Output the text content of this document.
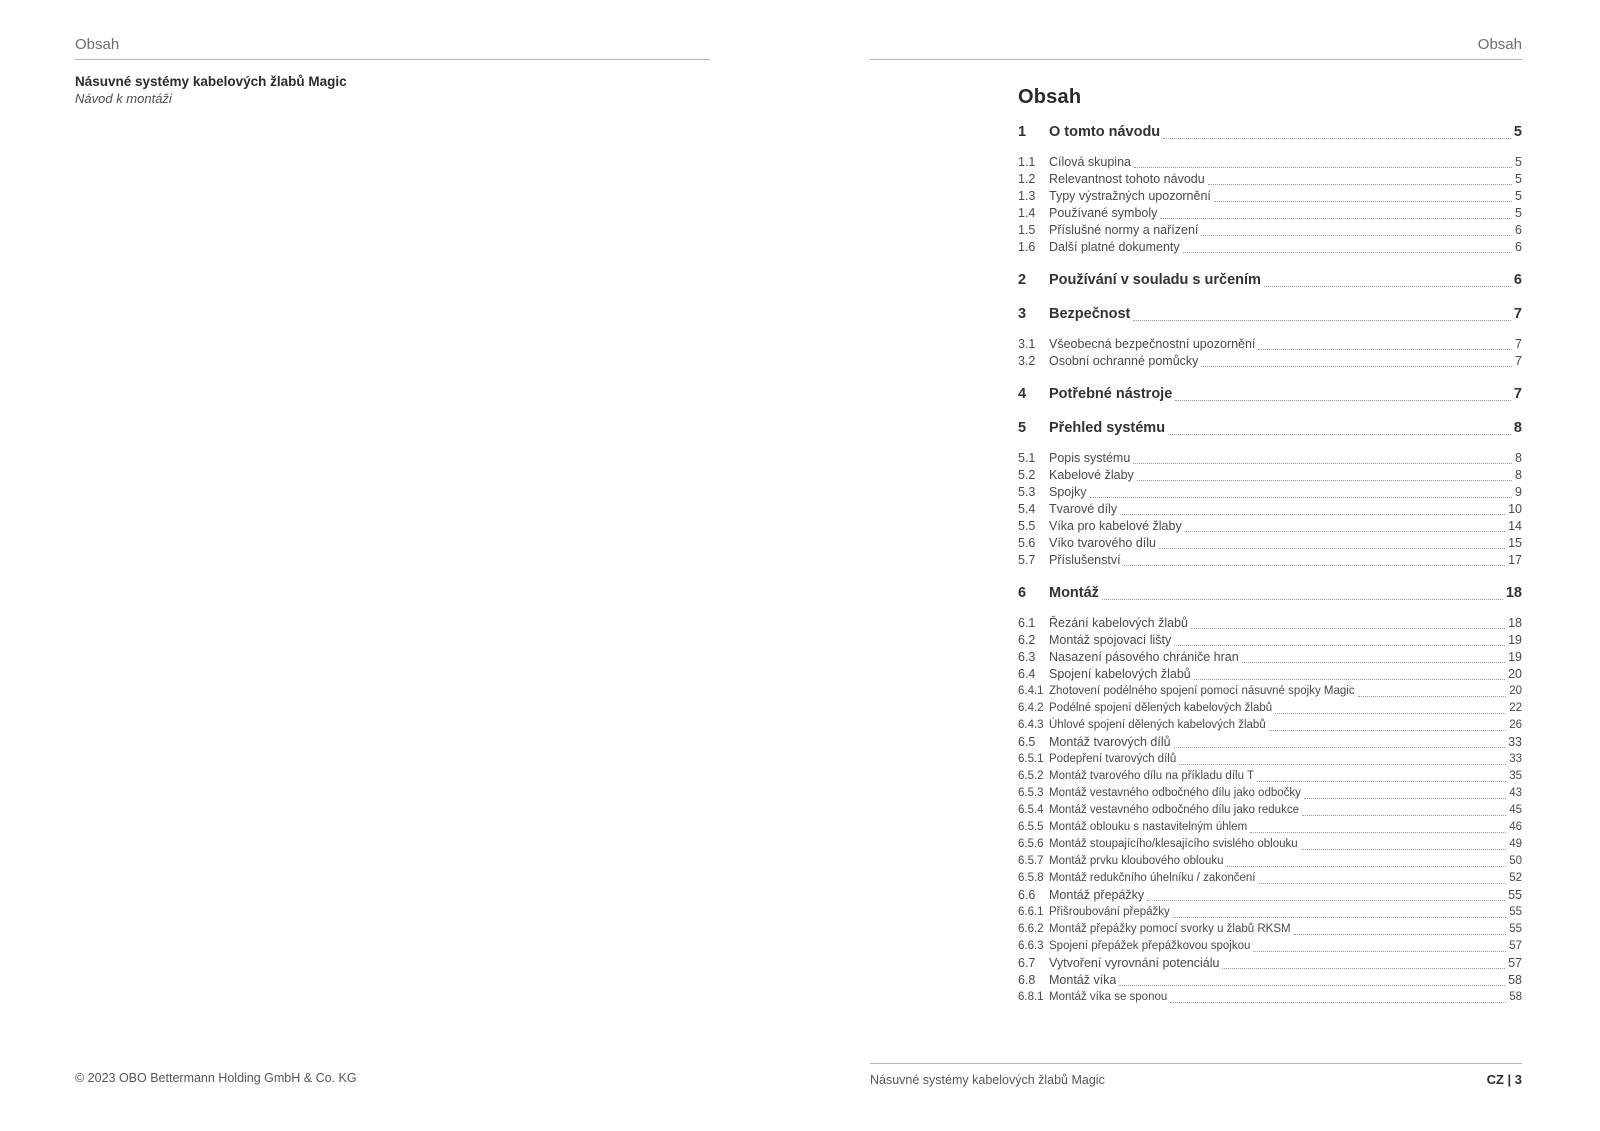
Obsah
Násuvné systémy kabelových žlabů Magic
Návod k montáži
© 2023 OBO Bettermann Holding GmbH & Co. KG
Obsah
Obsah
1	O tomto návodu	5
1.1	Cílová skupina	5
1.2	Relevantnost tohoto návodu	5
1.3	Typy výstražných upozornění	5
1.4	Používané symboly	5
1.5	Příslušné normy a nařízení	6
1.6	Další platné dokumenty	6
2	Používání v souladu s určením	6
3	Bezpečnost	7
3.1	Všeobecná bezpečnostní upozornění	7
3.2	Osobní ochranné pomůcky	7
4	Potřebné nástroje	7
5	Přehled systému	8
5.1	Popis systému	8
5.2	Kabelové žlaby	8
5.3	Spojky	9
5.4	Tvarové díly	10
5.5	Víka pro kabelové žlaby	14
5.6	Víko tvarového dílu	15
5.7	Příslušenství	17
6	Montáž	18
6.1	Řezání kabelových žlabů	18
6.2	Montáž spojovací lišty	19
6.3	Nasazení pásového chrániče hran	19
6.4	Spojení kabelových žlabů	20
6.4.1 Zhotovení podélného spojení pomocí násuvné spojky Magic	20
6.4.2 Podélné spojení dělených kabelových žlabů	22
6.4.3 Úhlové spojení dělených kabelových žlabů	26
6.5	Montáž tvarových dílů	33
6.5.1 Podepření tvarových dílů	33
6.5.2 Montáž tvarového dílu na příkladu dílu T	35
6.5.3 Montáž vestavného odbočného dílu jako odbočky	43
6.5.4 Montáž vestavného odbočného dílu jako redukce	45
6.5.5 Montáž oblouku s nastavitelným úhlem	46
6.5.6 Montáž stoupajícího/klesajícího svislého oblouku	49
6.5.7 Montáž prvku kloubového oblouku	50
6.5.8 Montáž redukčního úhelníku / zakončení	52
6.6	Montáž přepážky	55
6.6.1 Přišroubování přepážky	55
6.6.2 Montáž přepážky pomocí svorky u žlabů RKSM	55
6.6.3 Spojení přepážek přepážkovou spojkou	57
6.7	Vytvoření vyrovnání potenciálu	57
6.8	Montáž víka	58
6.8.1 Montáž víka se sponou	58
Násuvné systémy kabelových žlabů Magic	CZ | 3
